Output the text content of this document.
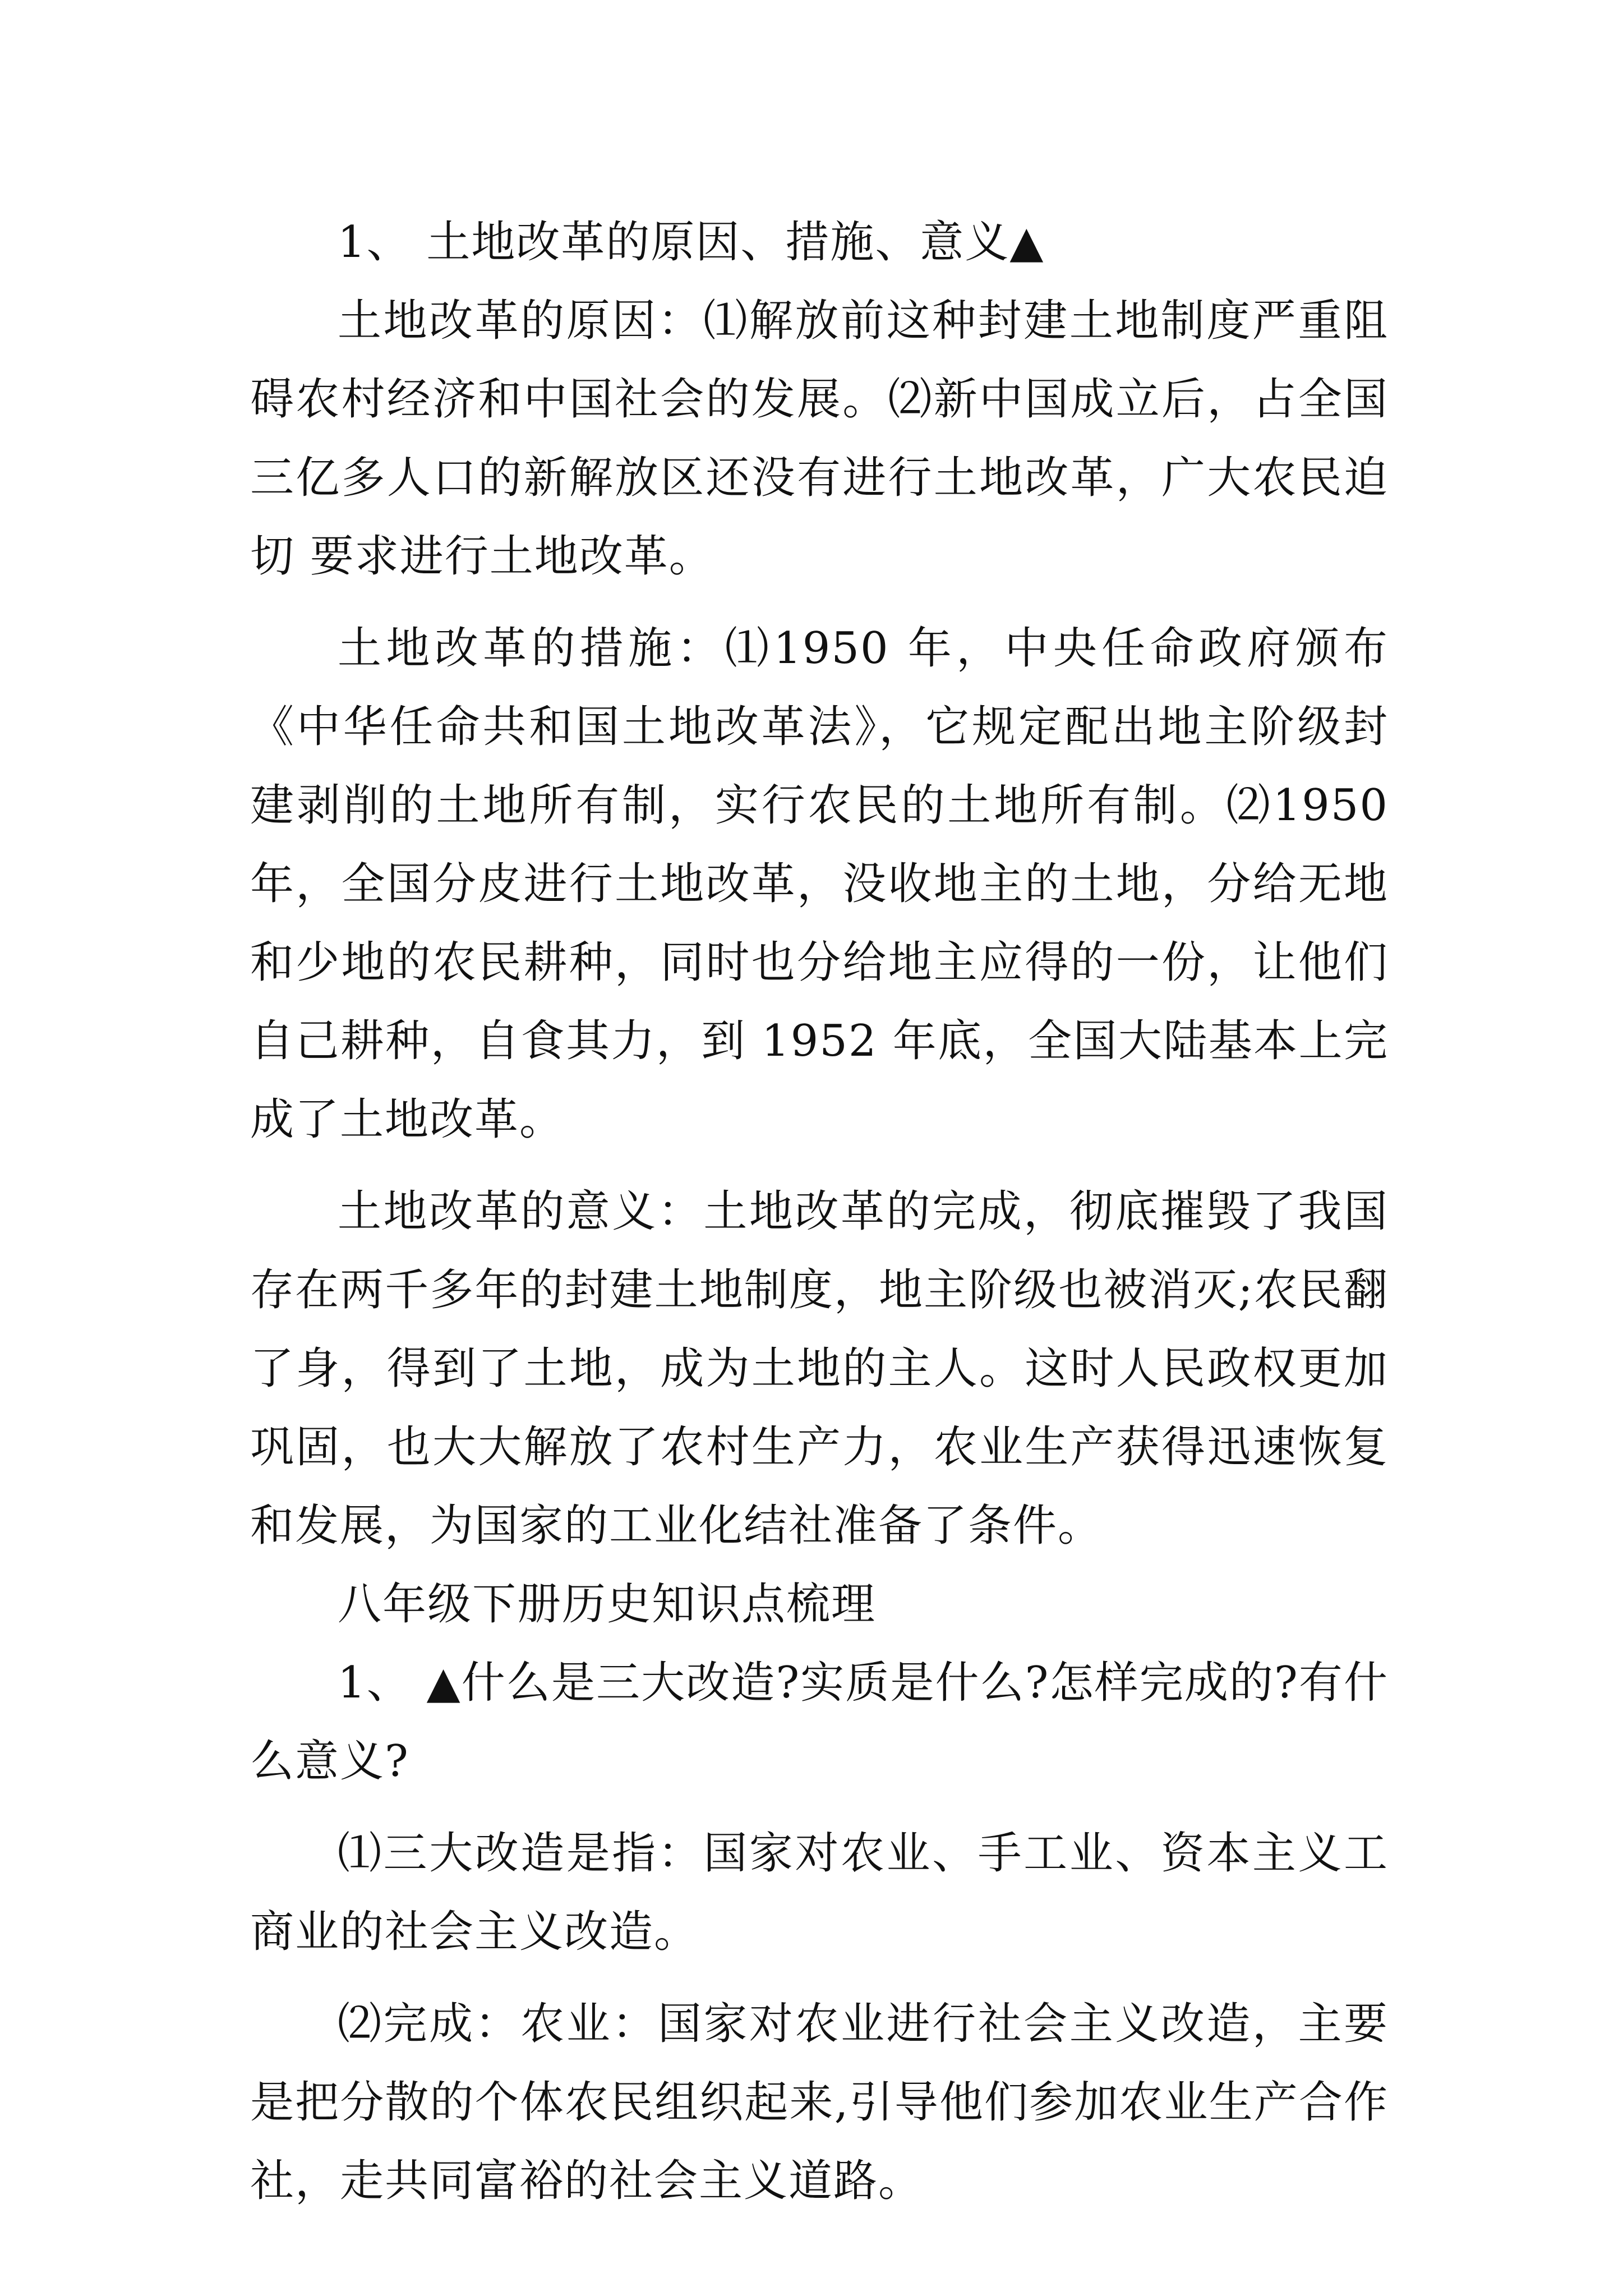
1、 土地改革的原因、措施、意义▲

土地改革的原因：⑴解放前这种封建土地制度严重阻碍农村经济和中国社会的发展。⑵新中国成立后，占全国三亿多人口的新解放区还没有进行土地改革，广大农民迫切 要求进行土地改革。

土地改革的措施：⑴1950 年，中央任命政府颁布《中华任命共和国土地改革法》，它规定配出地主阶级封建剥削的土地所有制，实行农民的土地所有制。⑵1950 年，全国分皮进行土地改革，没收地主的土地，分给无地和少地的农民耕种，同时也分给地主应得的一份，让他们自己耕种，自食其力，到 1952 年底，全国大陆基本上完成了土地改革。

土地改革的意义：土地改革的完成，彻底摧毁了我国存在两千多年的封建土地制度，地主阶级也被消灭;农民翻了身，得到了土地，成为土地的主人。这时人民政权更加巩固，也大大解放了农村生产力，农业生产获得迅速恢复和发展，为国家的工业化结社准备了条件。

八年级下册历史知识点梳理

1、 ▲什么是三大改造?实质是什么?怎样完成的?有什么意义?

⑴三大改造是指：国家对农业、手工业、资本主义工商业的社会主义改造。

⑵完成：农业：国家对农业进行社会主义改造，主要是把分散的个体农民组织起来,引导他们参加农业生产合作社，走共同富裕的社会主义道路。
